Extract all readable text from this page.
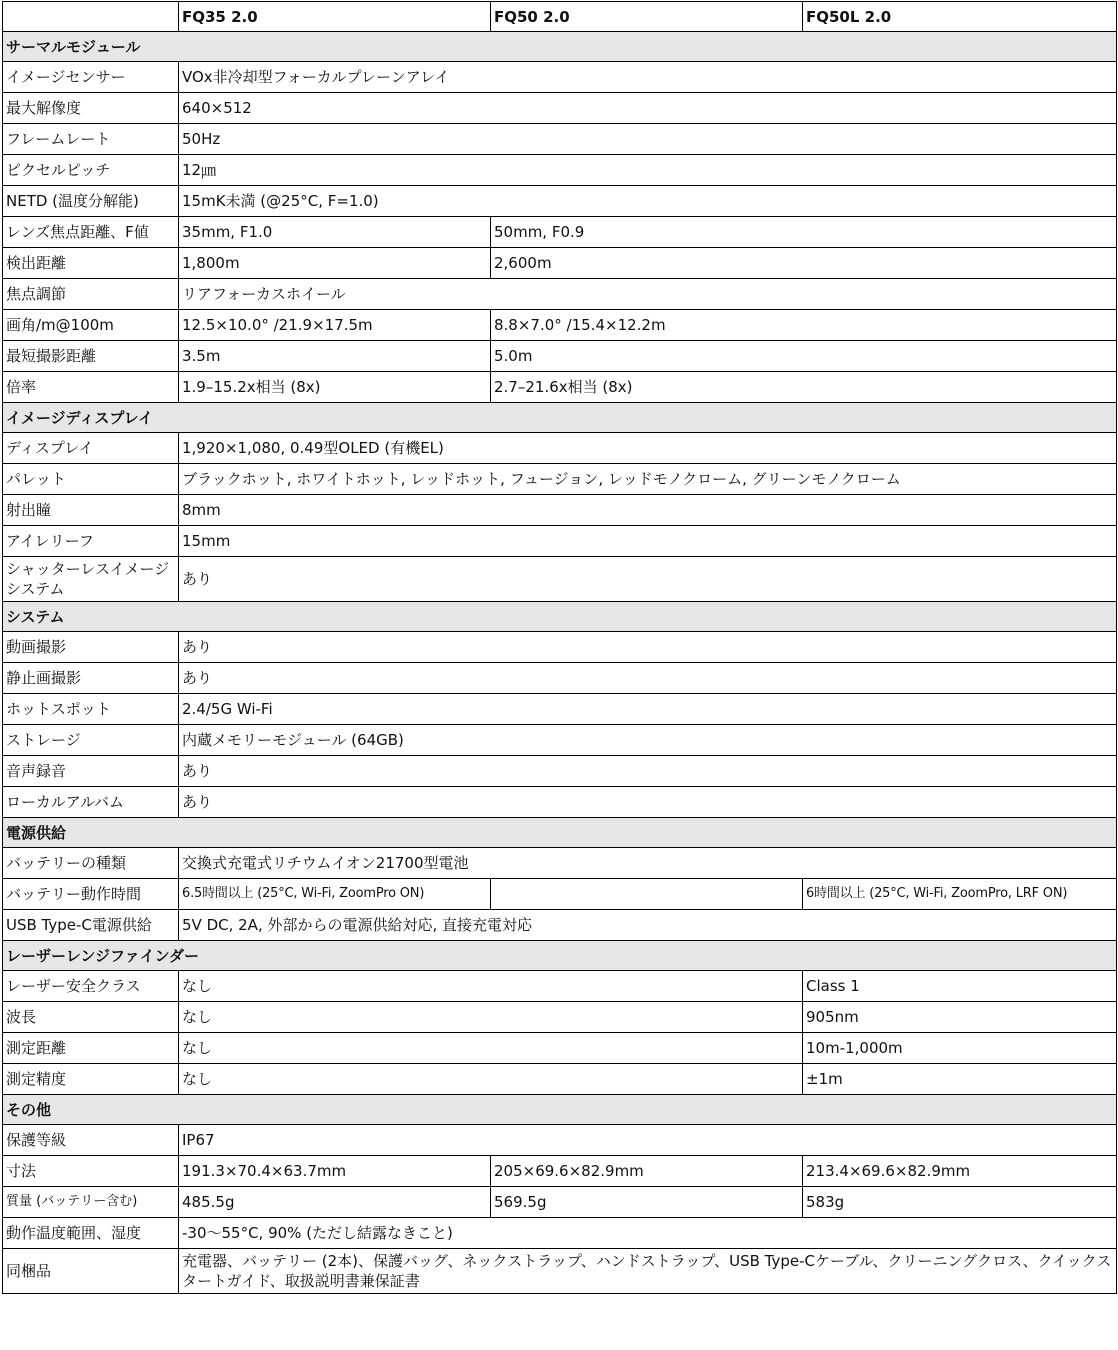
	FQ35 2.0	FQ50 2.0	FQ50L 2.0
サーマルモジュール			
イメージセンサー	VOx非冷却型フォーカルプレーンアレイ		
最大解像度	640×512		
フレームレート	50Hz		
ピクセルピッチ	12㎛		
NETD (温度分解能)	15mK未満 (@25°C, F=1.0)		
レンズ焦点距離、F値	35mm, F1.0	50mm, F0.9	
検出距離	1,800m	2,600m	
焦点調節	リアフォーカスホイール		
画角/m@100m	12.5×10.0° /21.9×17.5m	8.8×7.0° /15.4×12.2m	
最短撮影距離	3.5m	5.0m	
倍率	1.9–15.2x相当 (8x)	2.7–21.6x相当 (8x)	
イメージディスプレイ			
ディスプレイ	1,920×1,080, 0.49型OLED (有機EL)		
パレット	ブラックホット, ホワイトホット, レッドホット, フュージョン, レッドモノクローム, グリーンモノクローム		
射出瞳	8mm		
アイレリーフ	15mm		
シャッターレスイメージシステム	あり		
システム			
動画撮影	あり		
静止画撮影	あり		
ホットスポット	2.4/5G Wi-Fi		
ストレージ	内蔵メモリーモジュール (64GB)		
音声録音	あり		
ローカルアルバム	あり		
電源供給			
バッテリーの種類	交換式充電式リチウムイオン21700型電池		
バッテリー動作時間	6.5時間以上 (25°C, Wi-Fi, ZoomPro ON)		6時間以上 (25°C, Wi-Fi, ZoomPro, LRF ON)
USB Type-C電源供給	5V DC, 2A, 外部からの電源供給対応, 直接充電対応		
レーザーレンジファインダー			
レーザー安全クラス	なし		Class 1
波長	なし		905nm
測定距離	なし		10m-1,000m
測定精度	なし		±1m
その他			
保護等級	IP67		
寸法	191.3×70.4×63.7mm	205×69.6×82.9mm	213.4×69.6×82.9mm
質量 (バッテリー含む)	485.5g	569.5g	583g
動作温度範囲、湿度	-30〜55°C, 90% (ただし結露なきこと)		
同梱品	充電器、バッテリー (2本)、保護バッグ、ネックストラップ、ハンドストラップ、USB Type-Cケーブル、クリーニングクロス、クイックスタートガイド、取扱説明書兼保証書		
